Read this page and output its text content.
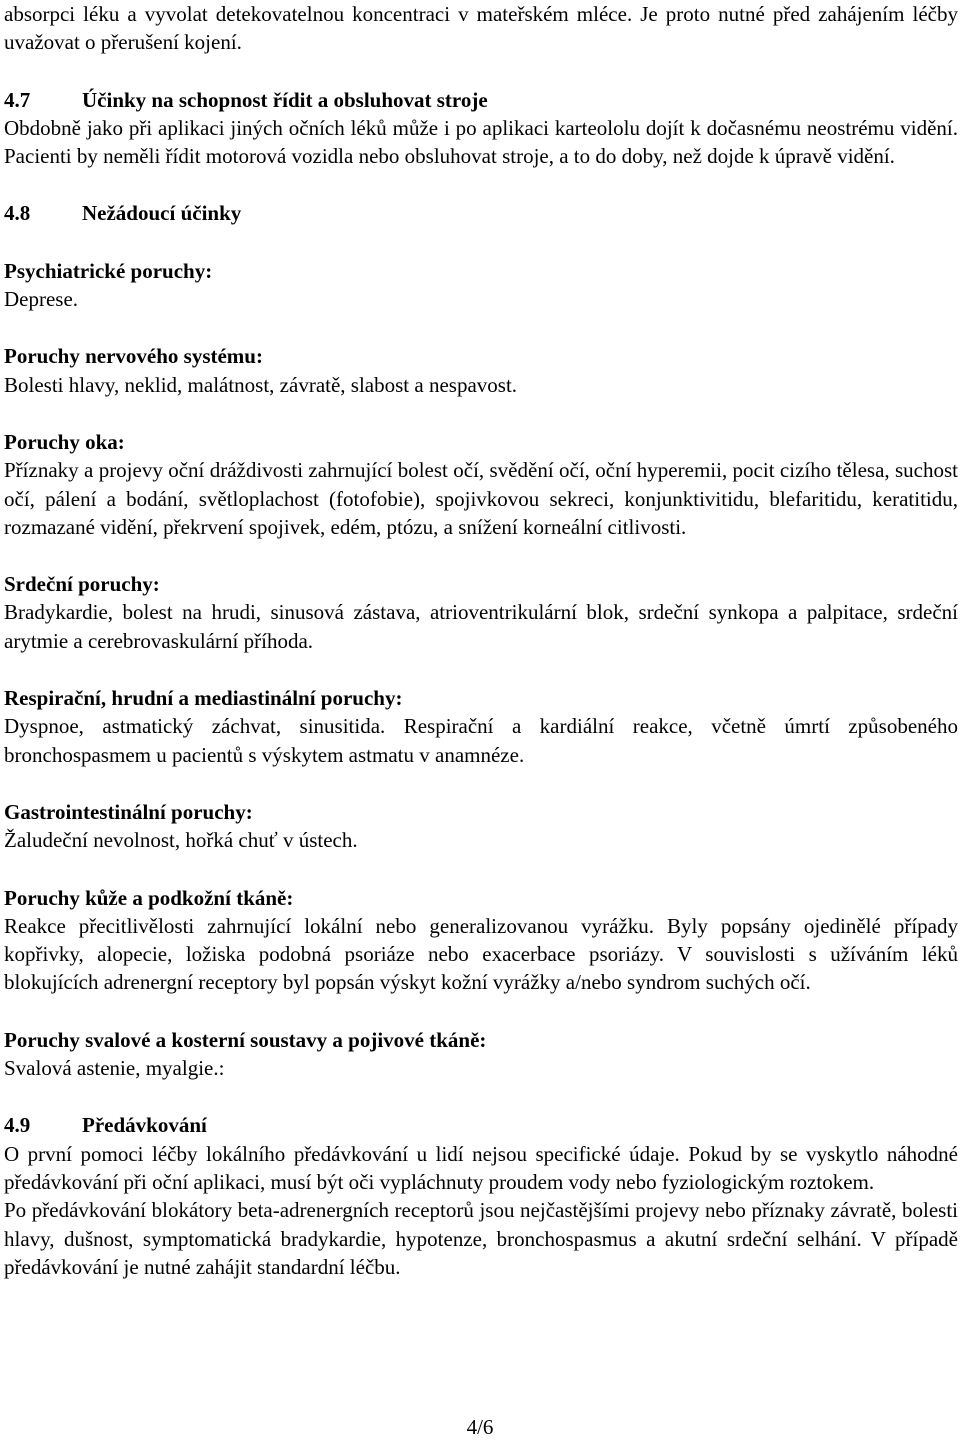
absorpci léku a vyvolat detekovatelnou koncentraci v mateřském mléce. Je proto nutné před zahájením léčby uvažovat o přerušení kojení.

4.7	Účinky na schopnost řídit a obsluhovat stroje

Obdobně jako při aplikaci jiných očních léků může i po aplikaci karteololu dojít k dočasnému neostrému vidění. Pacienti by neměli řídit motorová vozidla nebo obsluhovat stroje, a to do doby, než dojde k úpravě vidění.

4.8	Nežádoucí účinky
Psychiatrické poruchy:

Deprese.

Poruchy nervového systému:

Bolesti hlavy, neklid, malátnost, závratě, slabost a nespavost.

Poruchy oka:

Příznaky a projevy oční dráždivosti zahrnující bolest očí, svědění očí, oční hyperemii, pocit cizího tělesa, suchost očí, pálení a bodání, světloplachost (fotofobie), spojivkovou sekreci, konjunktivitidu, blefaritidu, keratitidu, rozmazané vidění, překrvení spojivek, edém, ptózu, a snížení korneální citlivosti.

Srdeční poruchy:

Bradykardie, bolest na hrudi, sinusová zástava, atrioventrikulární blok, srdeční synkopa a palpitace, srdeční arytmie a cerebrovaskulární příhoda.

Respirační, hrudní a mediastinální poruchy:

Dyspnoe, astmatický záchvat, sinusitida. Respirační a kardiální reakce, včetně úmrtí způsobeného bronchospasmem u pacientů s výskytem astmatu v anamnéze.

Gastrointestinální poruchy:

Žaludeční nevolnost, hořká chuť v ústech.

Poruchy kůže a podkožní tkáně:

Reakce přecitlivělosti zahrnující lokální nebo generalizovanou vyrážku. Byly popsány ojedinělé případy kopřivky, alopecie, ložiska podobná psoriáze nebo exacerbace psoriázy. V souvislosti s užíváním léků blokujících adrenergní receptory byl popsán výskyt kožní vyrážky a/nebo syndrom suchých očí.

Poruchy svalové a kosterní soustavy a pojivové tkáně:

Svalová astenie, myalgie.:

4.9	Předávkování

O první pomoci léčby lokálního předávkování u lidí nejsou specifické údaje. Pokud by se vyskytlo náhodné předávkování při oční aplikaci, musí být oči vypláchnuty proudem vody nebo fyziologickým roztokem.

Po předávkování blokátory beta-adrenergních receptorů jsou nejčastějšími projevy nebo příznaky závratě, bolesti hlavy, dušnost, symptomatická bradykardie, hypotenze, bronchospasmus a akutní srdeční selhání. V případě předávkování je nutné zahájit standardní léčbu.

4/6
